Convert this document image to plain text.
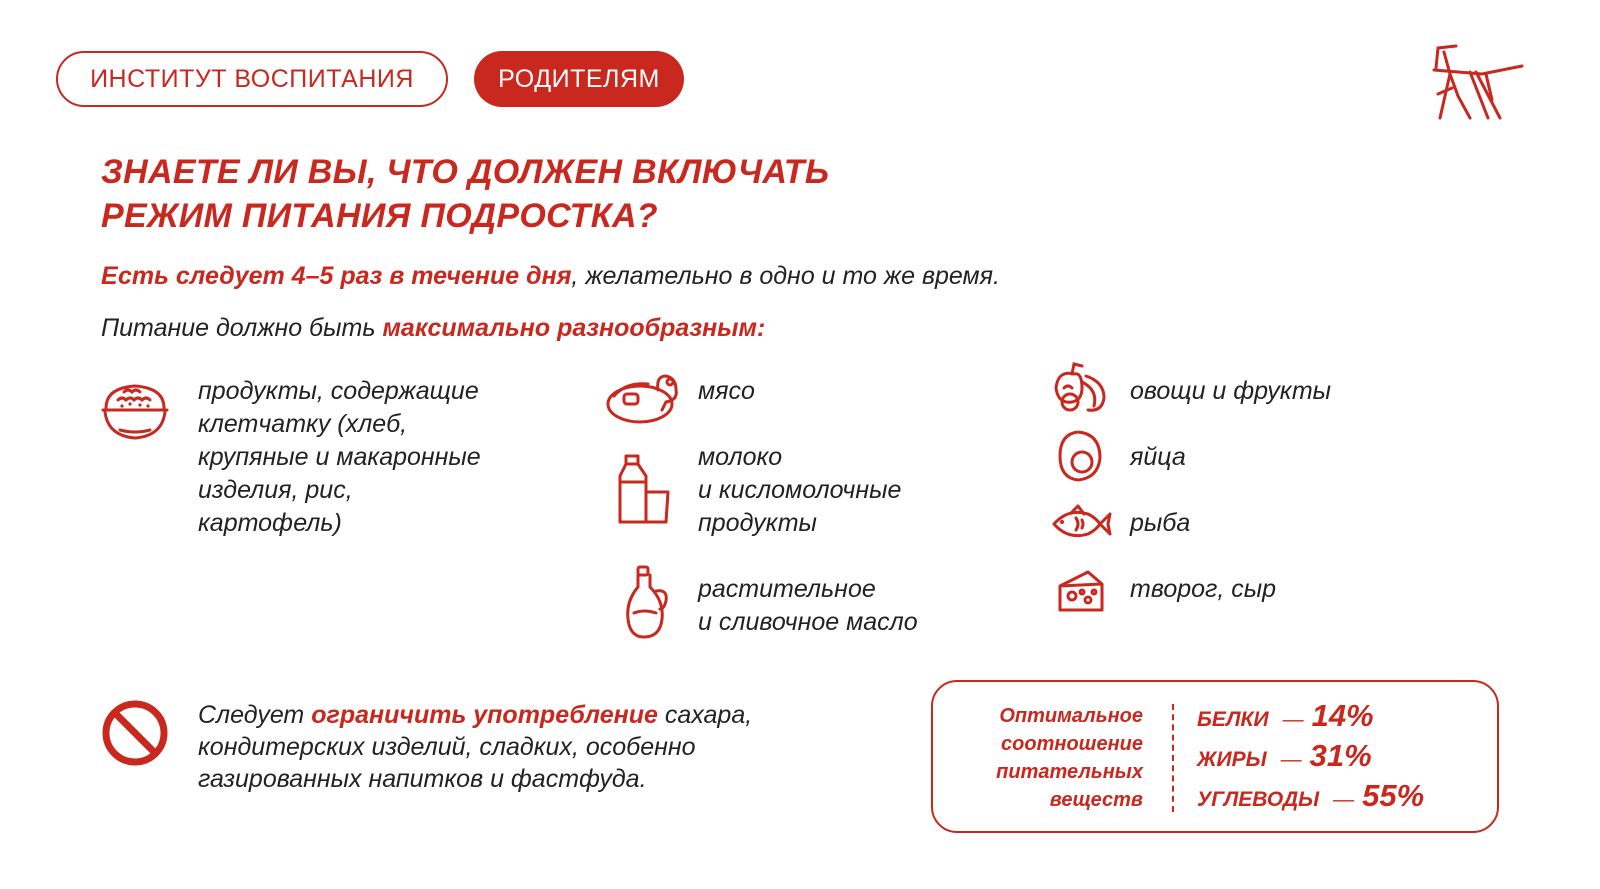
ИНСТИТУТ ВОСПИТАНИЯ	РОДИТЕЛЯМ
ЗНАЕТЕ ЛИ ВЫ, ЧТО ДОЛЖЕН ВКЛЮЧАТЬ
РЕЖИМ ПИТАНИЯ ПОДРОСТКА?
Есть следует 4–5 раз в течение дня, желательно в одно и то же время.
Питание должно быть максимально разнообразным:
продукты, содержащие
клетчатку (хлеб,
крупяные и макаронные
изделия, рис,
картофель)
мясо
молоко
и кисломолочные
продукты
растительное
и сливочное масло
овощи и фрукты
яйца
рыба
творог, сыр
Следует ограничить употребление сахара, кондитерских изделий, сладких, особенно газированных напитков и фастфуда.
Оптимальное
соотношение
питательных
веществ
БЕЛКИ — 14%
ЖИРЫ — 31%
УГЛЕВОДЫ — 55%
